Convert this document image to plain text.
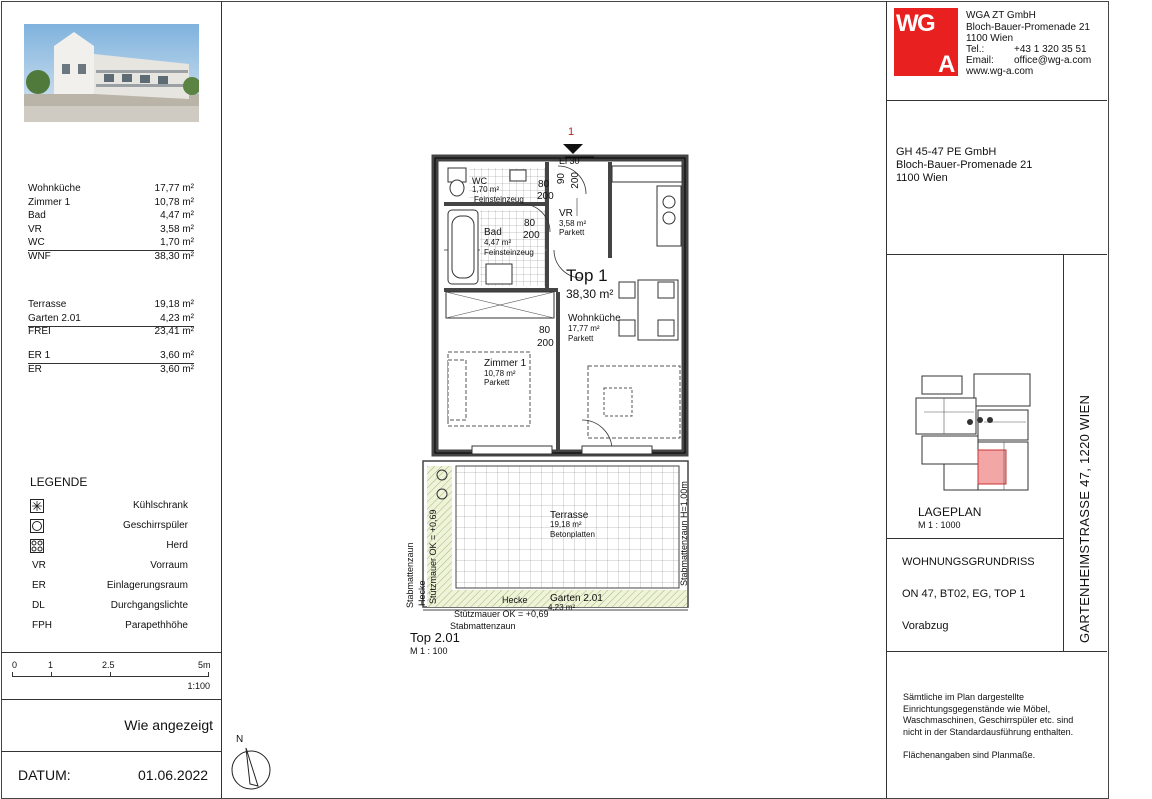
Wohnküche	17,77 m²
Zimmer 1	10,78 m²
Bad	4,47 m²
VR	3,58 m²
WC	1,70 m²
WNF	38,30 m²
Terrasse	19,18 m²
Garten 2.01	4,23 m²
FREI	23,41 m²
ER 1	3,60 m²
ER	3,60 m²
LEGENDE
Kühlschrank
Geschirrspüler
Herd
VR	Vorraum
ER	Einlagerungsraum
DL	Durchgangslichte
FPH	Parapethhöhe
0	1	2.5	5m
1:100
Wie angezeigt
DATUM:	01.06.2022
1
El 30
WC
1,70 m²
Feinsteinzeug
80
200
90 200
VR
3,58 m²
Parkett
Bad
4,47 m²
Feinsteinzeug
80
200
Top 1
38,30 m²
Wohnküche
17,77 m²
Parkett
80
200
Zimmer 1
10,78 m²
Parkett
Terrasse
19,18 m²
Betonplatten
Garten 2.01
4,23 m²
Hecke
Stützmauer OK = +0,69
Stabmattenzaun
Stabmattenzaun Hecke Stützmauer OK = +0,69	Stabmattenzaun H=1,00m
Top 2.01
M 1 : 100
N
W
G
A
WGA ZT GmbH
Bloch-Bauer-Promenade 21
1100 Wien
Tel.:	+43 1 320 35 51
Email: office@wg-a.com
www.wg-a.com
GH 45-47 PE GmbH
Bloch-Bauer-Promenade 21
1100 Wien
LAGEPLAN
M 1 : 1000
WOHNUNGSGRUNDRISS
ON 47, BT02, EG, TOP 1
Vorabzug	GARTENHEIMSTRASSE 47, 1220 WIEN
Sämtliche im Plan dargestellte
Einrichtungsgegenstände wie Möbel,
Waschmaschinen, Geschirrspüler etc. sind
nicht in der Standardausführung enthalten.
Flächenangaben sind Planmaße.
